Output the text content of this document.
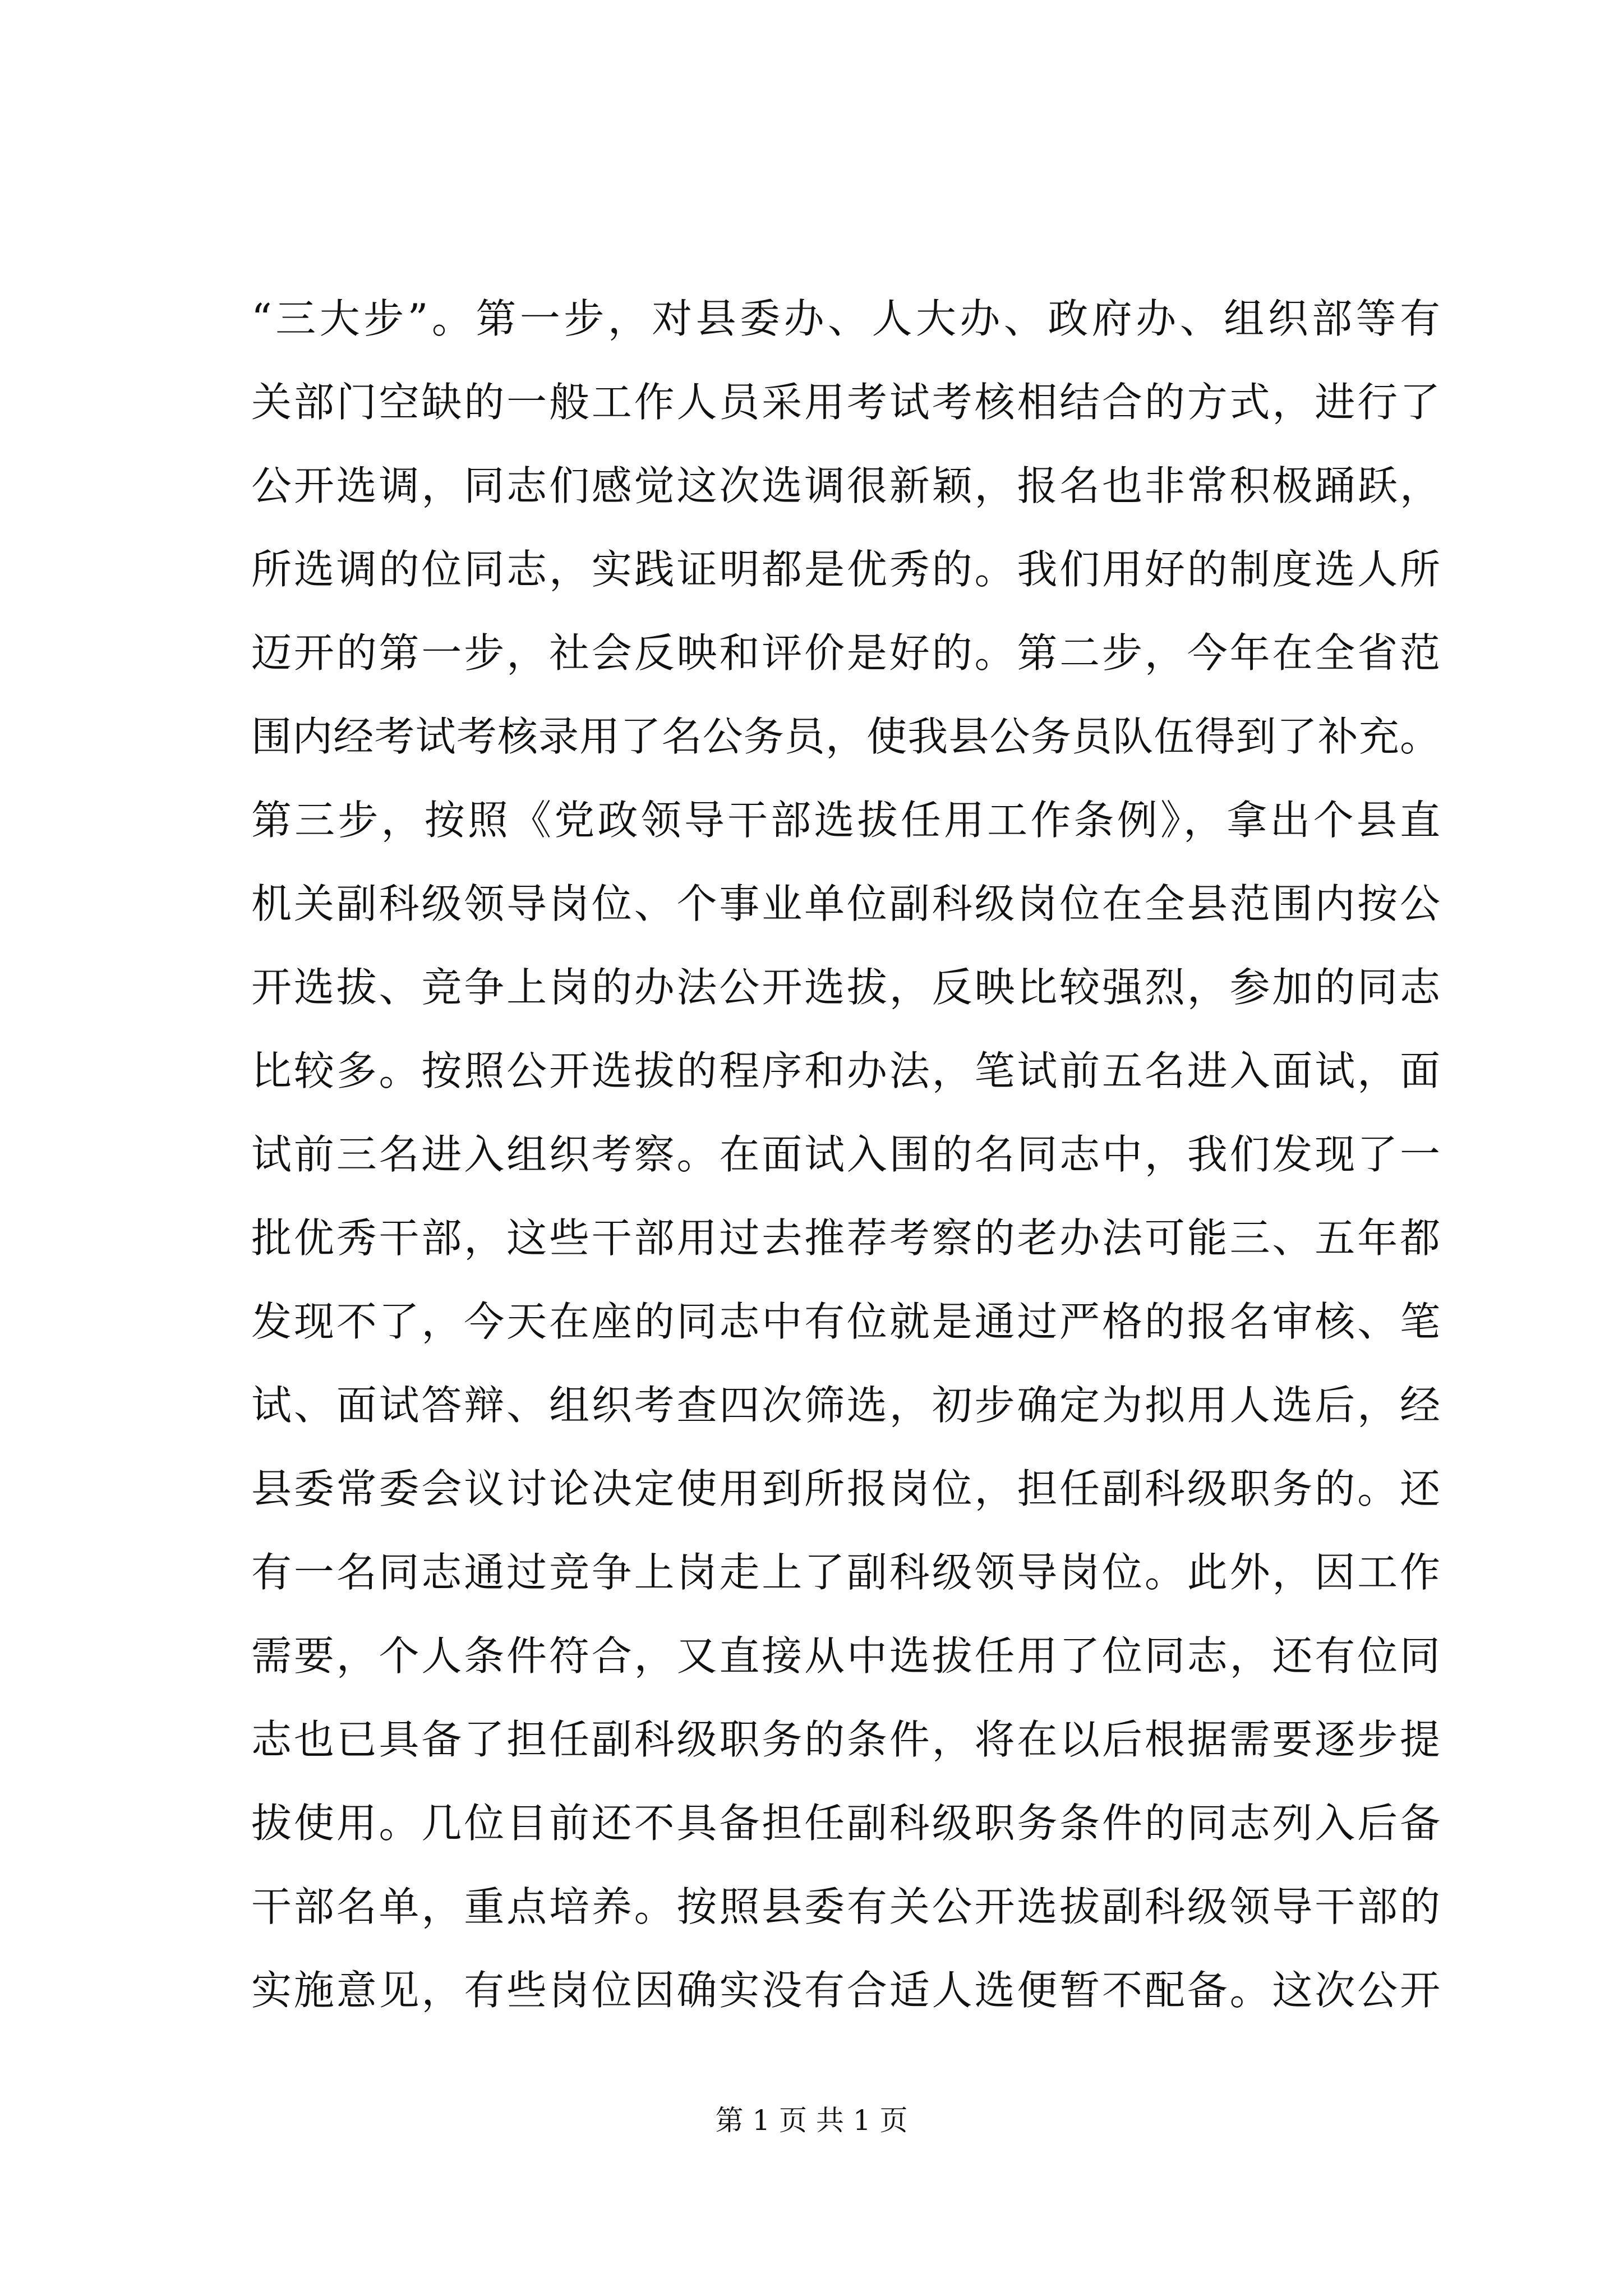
“三大步”。第一步，对县委办、人大办、政府办、组织部等有
关部门空缺的一般工作人员采用考试考核相结合的方式，进行了
公开选调，同志们感觉这次选调很新颖，报名也非常积极踊跃，
所选调的位同志，实践证明都是优秀的。我们用好的制度选人所
迈开的第一步，社会反映和评价是好的。第二步，今年在全省范
围内经考试考核录用了名公务员，使我县公务员队伍得到了补充。
第三步，按照《党政领导干部选拔任用工作条例》，拿出个县直
机关副科级领导岗位、个事业单位副科级岗位在全县范围内按公
开选拔、竞争上岗的办法公开选拔，反映比较强烈，参加的同志
比较多。按照公开选拔的程序和办法，笔试前五名进入面试，面
试前三名进入组织考察。在面试入围的名同志中，我们发现了一
批优秀干部，这些干部用过去推荐考察的老办法可能三、五年都
发现不了，今天在座的同志中有位就是通过严格的报名审核、笔
试、面试答辩、组织考查四次筛选，初步确定为拟用人选后，经
县委常委会议讨论决定使用到所报岗位，担任副科级职务的。还
有一名同志通过竞争上岗走上了副科级领导岗位。此外，因工作
需要，个人条件符合，又直接从中选拔任用了位同志，还有位同
志也已具备了担任副科级职务的条件，将在以后根据需要逐步提
拔使用。几位目前还不具备担任副科级职务条件的同志列入后备
干部名单，重点培养。按照县委有关公开选拔副科级领导干部的
实施意见，有些岗位因确实没有合适人选便暂不配备。这次公开
第 1 页 共 1 页
